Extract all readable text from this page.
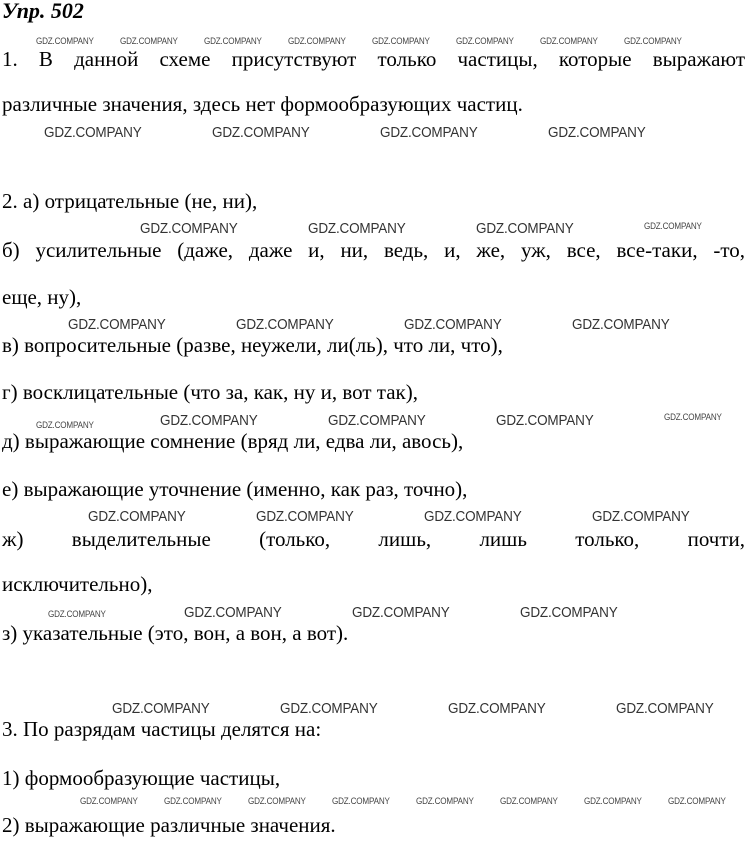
Упр. 502
1. В данной схеме присутствуют только частицы, которые выражают
различные значения, здесь нет формообразующих частиц.
2. а) отрицательные (не, ни),
б) усилительные (даже, даже и, ни, ведь, и, же, уж, все, все-таки, -то,
еще, ну),
в) вопросительные (разве, неужели, ли(ль), что ли, что),
г) восклицательные (что за, как, ну и, вот так),
д) выражающие сомнение (вряд ли, едва ли, авось),
е) выражающие уточнение (именно, как раз, точно),
ж) выделительные (только, лишь, лишь только, почти,
исключительно),
з) указательные (это, вон, а вон, а вот).
3. По разрядам частицы делятся на:
1) формообразующие частицы,
2) выражающие различные значения.
GDZ.COMPANY	GDZ.COMPANY	GDZ.COMPANY	GDZ.COMPANY	GDZ.COMPANY	GDZ.COMPANY	GDZ.COMPANY	GDZ.COMPANY
GDZ.COMPANY	GDZ.COMPANY	GDZ.COMPANY	GDZ.COMPANY
GDZ.COMPANY	GDZ.COMPANY	GDZ.COMPANY	GDZ.COMPANY
GDZ.COMPANY	GDZ.COMPANY	GDZ.COMPANY	GDZ.COMPANY
GDZ.COMPANY	GDZ.COMPANY	GDZ.COMPANY	GDZ.COMPANY	GDZ.COMPANY
GDZ.COMPANY	GDZ.COMPANY	GDZ.COMPANY	GDZ.COMPANY
GDZ.COMPANY	GDZ.COMPANY	GDZ.COMPANY	GDZ.COMPANY
GDZ.COMPANY	GDZ.COMPANY	GDZ.COMPANY	GDZ.COMPANY
GDZ.COMPANY	GDZ.COMPANY	GDZ.COMPANY	GDZ.COMPANY	GDZ.COMPANY	GDZ.COMPANY	GDZ.COMPANY	GDZ.COMPANY
